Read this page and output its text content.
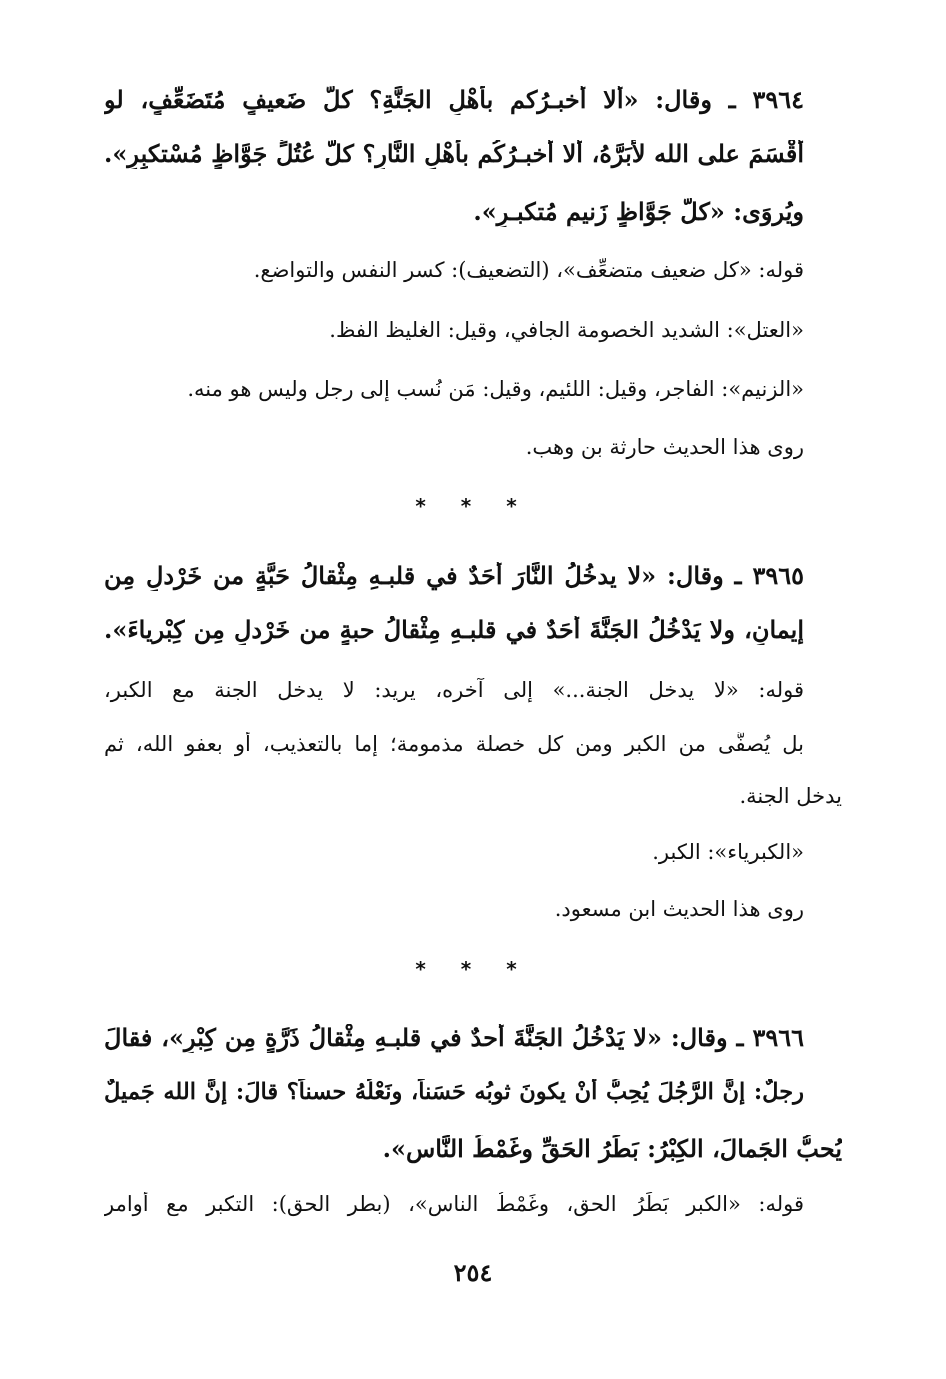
٣٩٦٤ ـ وقال: «ألا أُخبـرُكم بأَهْلِ الجَنَّةِ؟ كلُّ ضَعيفٍ مُتَضَعِّفٍ، لو
أَقْسَمَ على الله لأبَرَّهُ، ألا أُخبـرُكُم بأَهْلِ النَّارِ؟ كلُّ عُتُلٍّ جَوَّاظٍ مُسْتكبِرٍ».
ويُروَى: «كلُّ جَوَّاظٍ زَنيمٍ مُتكبـرٍ».
قوله: «كل ضعيف متضعِّف»، (التضعيف): كسر النفس والتواضع.
«العتل»: الشديد الخصومة الجافي، وقيل: الغليظ الفظ.
«الزنيم»: الفاجر، وقيل: اللئيم، وقيل: مَن نُسب إلى رجل وليس هو منه.
روى هذا الحديث حارثة بن وهب.
* * *
٣٩٦٥ ـ وقال: «لا يدخُلُ النَّارَ أَحَدٌ في قلبـهِ مِثْقالُ حَبَّةٍ من خَرْدلٍ مِن
إيمانٍ، ولا يَدْخُلُ الجَنَّةَ أَحَدٌ في قلبـهِ مِثْقالُ حبةٍ من خَرْدلٍ مِن كِبْرياءَ».
قوله: «لا يدخل الجنة...» إلى آخره، يريد: لا يدخل الجنة مع الكبر،
بل يُصفَّى من الكبر ومن كل خصلة مذمومة؛ إما بالتعذيب، أو بعفو الله، ثم
يدخل الجنة.
«الكبرياء»: الكبر.
روى هذا الحديث ابن مسعود.
* * *
٣٩٦٦ ـ وقال: «لا يَدْخُلُ الجَنَّةَ أحدٌ في قلبـهِ مِثْقالُ ذَرَّةٍ مِن كِبْرٍ»، فقالَ
رجلٌ: إنَّ الرَّجُلَ يُحِبُّ أنْ يكونَ ثوبُه حَسَناً، ونَعْلُهُ حسناً؟ قالَ: إنَّ الله جَميلٌ
يُحبُّ الجَمالَ، الكِبْرُ: بَطَرُ الحَقِّ وغَمْطُ النَّاسِ».
قوله: «الكبر بَطَرُ الحق، وغَمْطُ الناس»، (بطر الحق): التكبر مع أوامر
٢٥٤
